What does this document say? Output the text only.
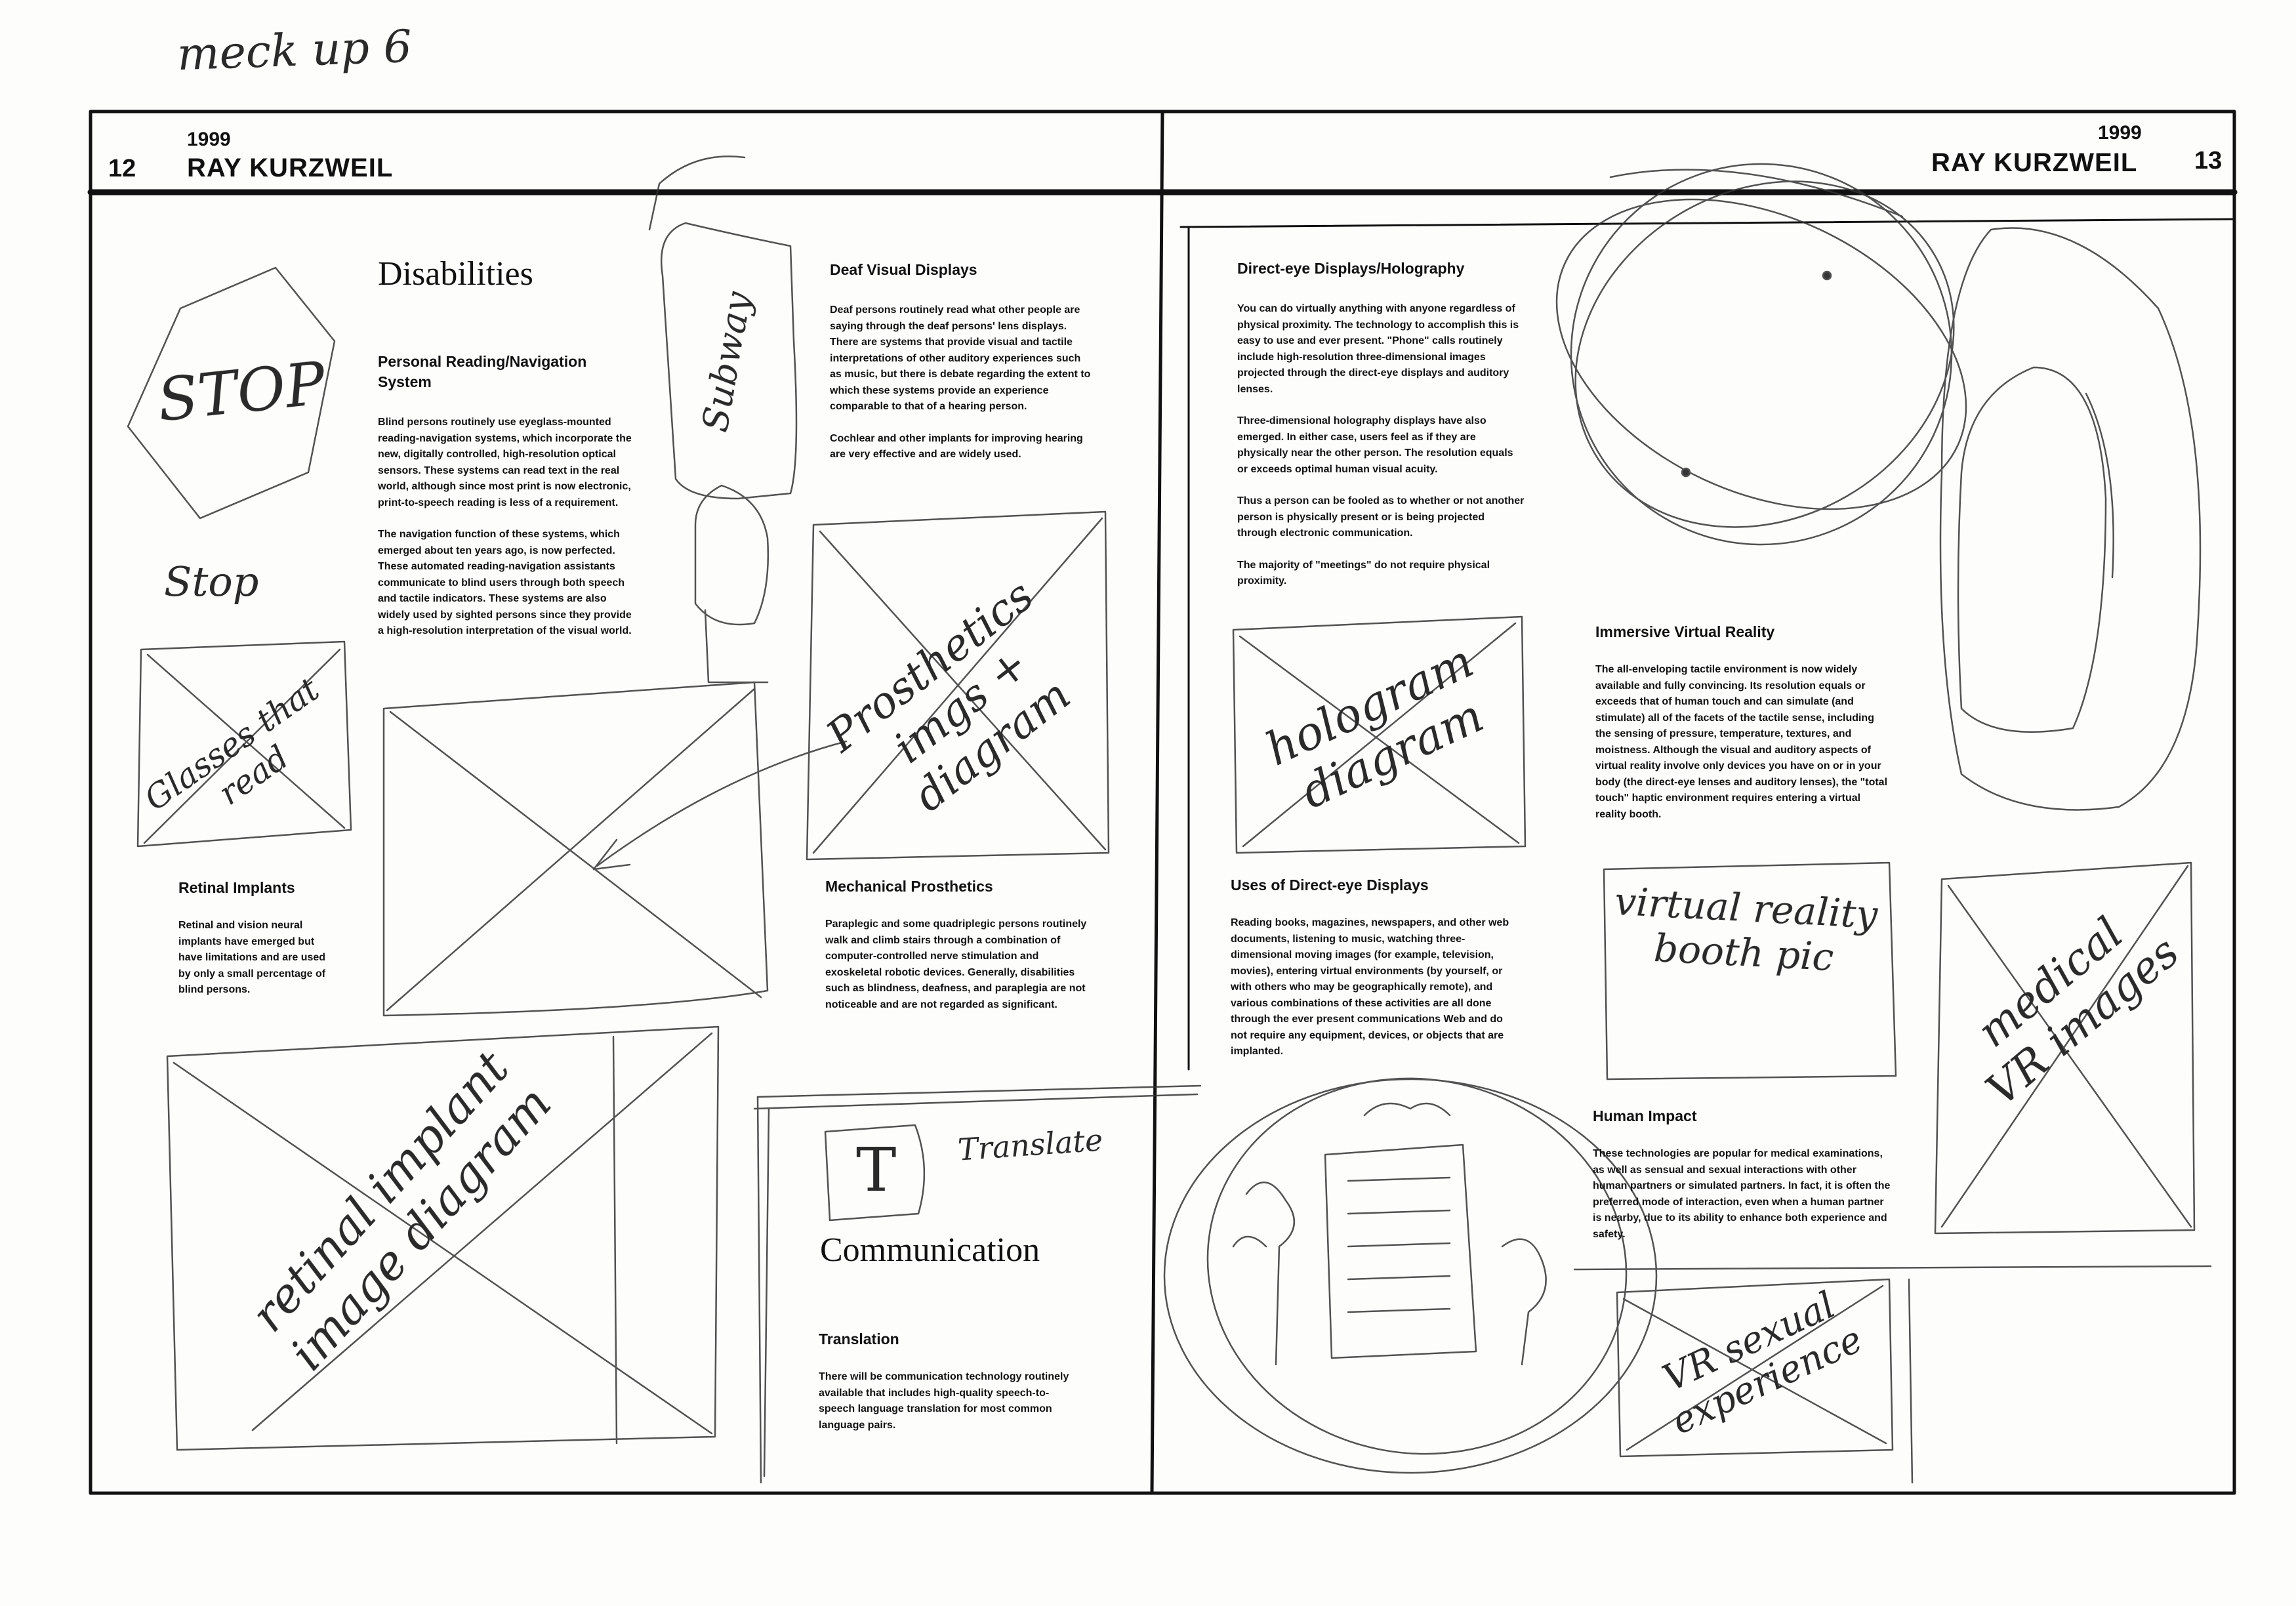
meck up 6
12
1999
RAY KURZWEIL
1999
RAY KURZWEIL 13
Disabilities
Personal Reading/Navigation System

Blind persons routinely use eyeglass-mounted reading-navigation systems, which incorporate the new, digitally controlled, high-resolution optical sensors. These systems can read text in the real world, although since most print is now electronic, print-to-speech reading is less of a requirement.

The navigation function of these systems, which emerged about ten years ago, is now perfected. These automated reading-navigation assistants communicate to blind users through both speech and tactile indicators. These systems are also widely used by sighted persons since they provide a high-resolution interpretation of the visual world.

Deaf Visual Displays

Deaf persons routinely read what other people are saying through the deaf persons' lens displays. There are systems that provide visual and tactile interpretations of other auditory experiences such as music, but there is debate regarding the extent to which these systems provide an experience comparable to that of a hearing person.

Cochlear and other implants for improving hearing are very effective and are widely used.

Retinal Implants

Retinal and vision neural implants have emerged but have limitations and are used by only a small percentage of blind persons.

Mechanical Prosthetics

Paraplegic and some quadriplegic persons routinely walk and climb stairs through a combination of computer-controlled nerve stimulation and exoskeletal robotic devices. Generally, disabilities such as blindness, deafness, and paraplegia are not noticeable and are not regarded as significant.

Communication
Translation

There will be communication technology routinely available that includes high-quality speech-to-speech language translation for most common language pairs.

Direct-eye Displays/Holography

You can do virtually anything with anyone regardless of physical proximity. The technology to accomplish this is easy to use and ever present. "Phone" calls routinely include high-resolution three-dimensional images projected through the direct-eye displays and auditory lenses.

Three-dimensional holography displays have also emerged. In either case, users feel as if they are physically near the other person. The resolution equals or exceeds optimal human visual acuity.

Thus a person can be fooled as to whether or not another person is physically present or is being projected through electronic communication.

The majority of "meetings" do not require physical proximity.

Uses of Direct-eye Displays

Reading books, magazines, newspapers, and other web documents, listening to music, watching three-dimensional moving images (for example, television, movies), entering virtual environments (by yourself, or with others who may be geographically remote), and various combinations of these activities are all done through the ever present communications Web and do not require any equipment, devices, or objects that are implanted.

Immersive Virtual Reality

The all-enveloping tactile environment is now widely available and fully convincing. Its resolution equals or exceeds that of human touch and can simulate (and stimulate) all of the facets of the tactile sense, including the sensing of pressure, temperature, textures, and moistness. Although the visual and auditory aspects of virtual reality involve only devices you have on or in your body (the direct-eye lenses and auditory lenses), the "total touch" haptic environment requires entering a virtual reality booth.

Human Impact

These technologies are popular for medical examinations, as well as sensual and sexual interactions with other human partners or simulated partners. In fact, it is often the preferred mode of interaction, even when a human partner is nearby, due to its ability to enhance both experience and safety.

STOP
Stop
Glasses that read
Subway
Prosthetics imgs + diagram
retinal implant image diagram	T Translate
hologram diagram
virtual reality booth pic	medical VR images
VR sexual experience
